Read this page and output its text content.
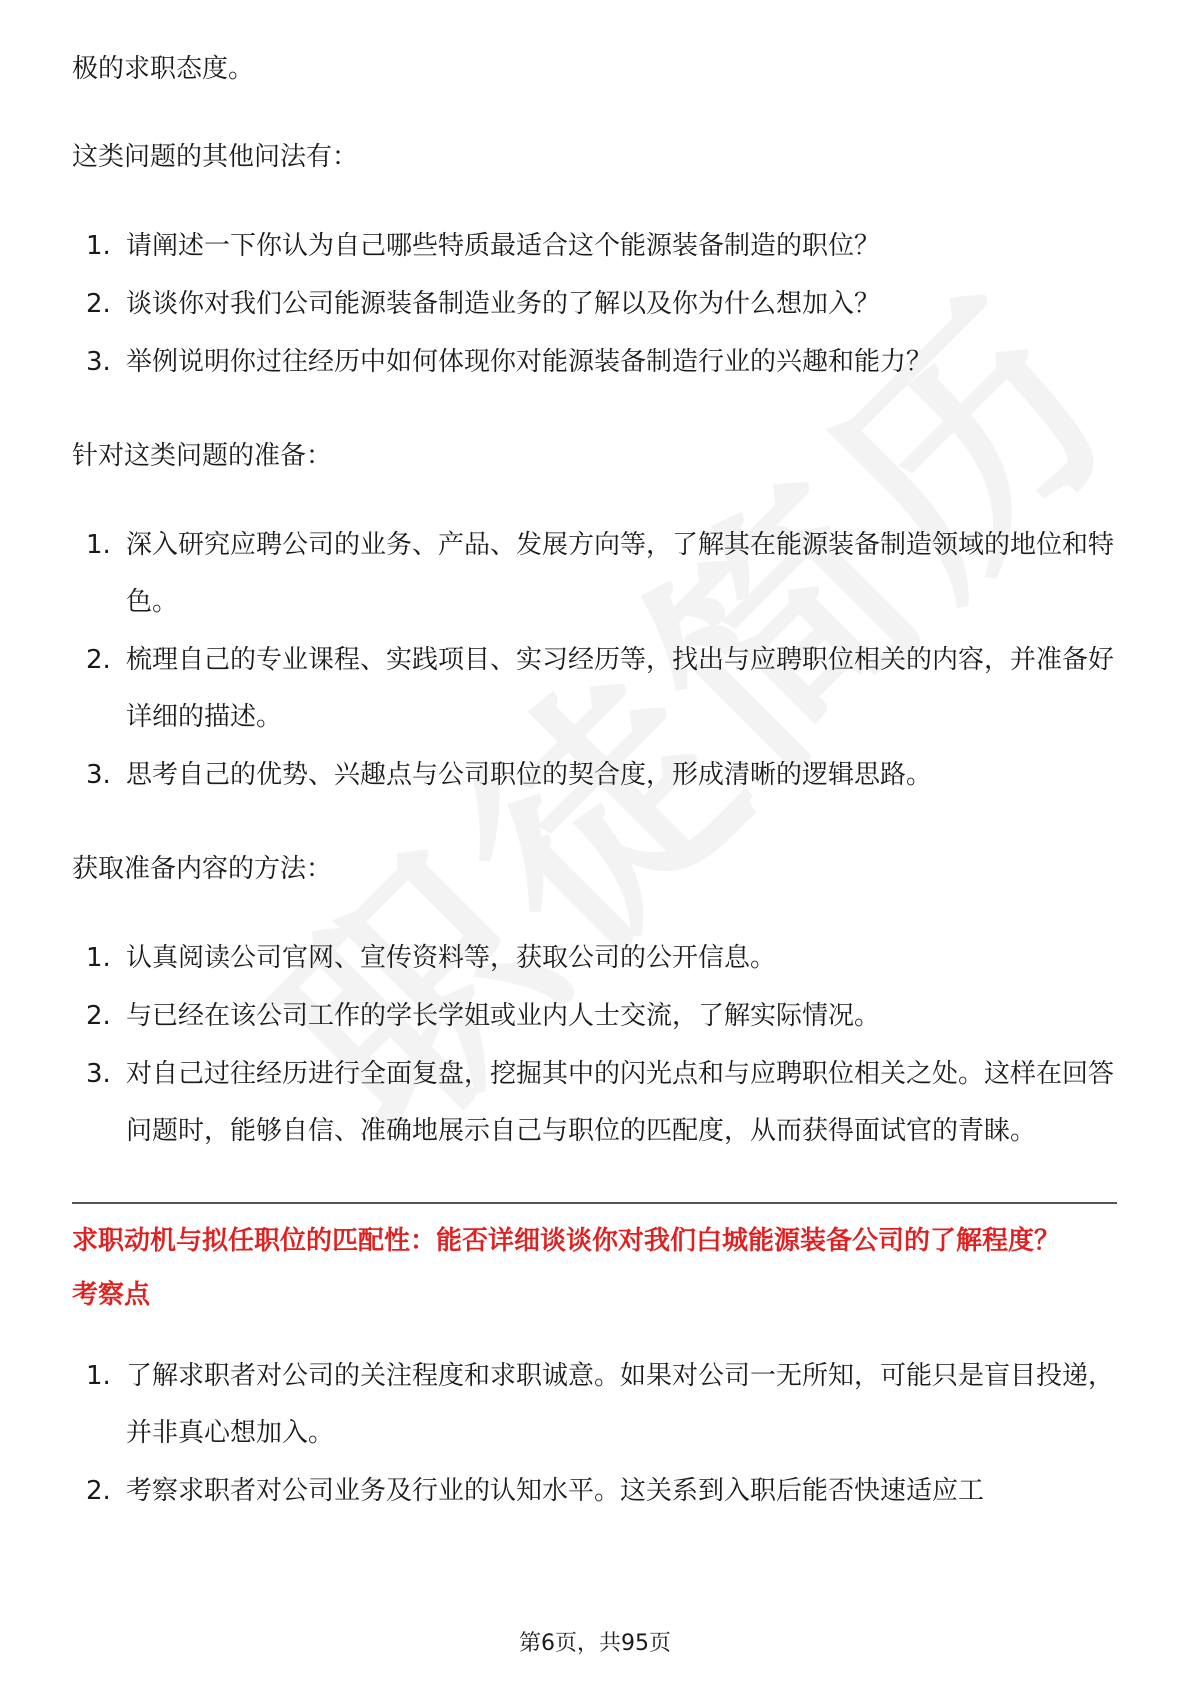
极的求职态度。

这类问题的其他问法有：

1. 请阐述一下你认为自己哪些特质最适合这个能源装备制造的职位？
2. 谈谈你对我们公司能源装备制造业务的了解以及你为什么想加入？
3. 举例说明你过往经历中如何体现你对能源装备制造行业的兴趣和能力？

针对这类问题的准备：

1. 深入研究应聘公司的业务、产品、发展方向等，了解其在能源装备制造领域的地位和特色。
2. 梳理自己的专业课程、实践项目、实习经历等，找出与应聘职位相关的内容，并准备好详细的描述。
3. 思考自己的优势、兴趣点与公司职位的契合度，形成清晰的逻辑思路。

获取准备内容的方法：

1. 认真阅读公司官网、宣传资料等，获取公司的公开信息。
2. 与已经在该公司工作的学长学姐或业内人士交流，了解实际情况。
3. 对自己过往经历进行全面复盘，挖掘其中的闪光点和与应聘职位相关之处。这样在回答问题时，能够自信、准确地展示自己与职位的匹配度，从而获得面试官的青睐。

求职动机与拟任职位的匹配性：能否详细谈谈你对我们白城能源装备公司的了解程度？

考察点

1. 了解求职者对公司的关注程度和求职诚意。如果对公司一无所知，可能只是盲目投递，并非真心想加入。
2. 考察求职者对公司业务及行业的认知水平。这关系到入职后能否快速适应工
第6页，共95页
